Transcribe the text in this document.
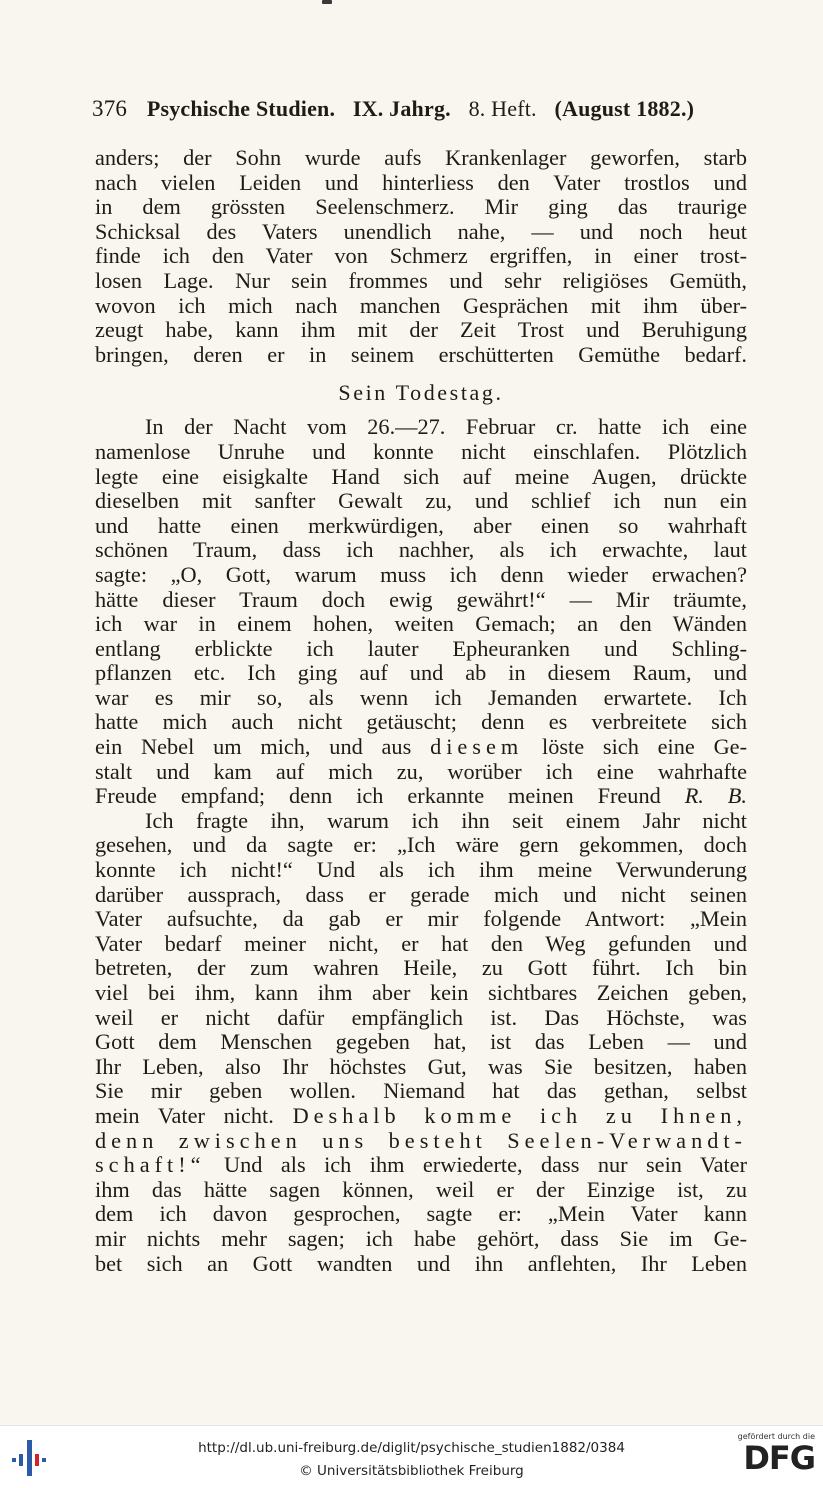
376 Psychische Studien. IX. Jahrg. 8. Heft. (August 1882.)
anders; der Sohn wurde aufs Krankenlager geworfen, starb
nach vielen Leiden und hinterliess den Vater trostlos und
in dem grössten Seelenschmerz. Mir ging das traurige
Schicksal des Vaters unendlich nahe, — und noch heut
finde ich den Vater von Schmerz ergriffen, in einer trost-
losen Lage. Nur sein frommes und sehr religiöses Gemüth,
wovon ich mich nach manchen Gesprächen mit ihm über-
zeugt habe, kann ihm mit der Zeit Trost und Beruhigung
bringen, deren er in seinem erschütterten Gemüthe bedarf.
Sein Todestag.
In der Nacht vom 26.—27. Februar cr. hatte ich eine
namenlose Unruhe und konnte nicht einschlafen. Plötzlich
legte eine eisigkalte Hand sich auf meine Augen, drückte
dieselben mit sanfter Gewalt zu, und schlief ich nun ein
und hatte einen merkwürdigen, aber einen so wahrhaft
schönen Traum, dass ich nachher, als ich erwachte, laut
sagte: „O, Gott, warum muss ich denn wieder erwachen?
hätte dieser Traum doch ewig gewährt!“ — Mir träumte,
ich war in einem hohen, weiten Gemach; an den Wänden
entlang erblickte ich lauter Epheuranken und Schling-
pflanzen etc. Ich ging auf und ab in diesem Raum, und
war es mir so, als wenn ich Jemanden erwartete. Ich
hatte mich auch nicht getäuscht; denn es verbreitete sich
ein Nebel um mich, und aus diesem löste sich eine Ge-
stalt und kam auf mich zu, worüber ich eine wahrhafte
Freude empfand; denn ich erkannte meinen Freund R. B.
Ich fragte ihn, warum ich ihn seit einem Jahr nicht
gesehen, und da sagte er: „Ich wäre gern gekommen, doch
konnte ich nicht!“ Und als ich ihm meine Verwunderung
darüber aussprach, dass er gerade mich und nicht seinen
Vater aufsuchte, da gab er mir folgende Antwort: „Mein
Vater bedarf meiner nicht, er hat den Weg gefunden und
betreten, der zum wahren Heile, zu Gott führt. Ich bin
viel bei ihm, kann ihm aber kein sichtbares Zeichen geben,
weil er nicht dafür empfänglich ist. Das Höchste, was
Gott dem Menschen gegeben hat, ist das Leben — und
Ihr Leben, also Ihr höchstes Gut, was Sie besitzen, haben
Sie mir geben wollen. Niemand hat das gethan, selbst
mein Vater nicht. Deshalb komme ich zu Ihnen,
denn zwischen uns besteht Seelen-Verwandt-
schaft!“ Und als ich ihm erwiederte, dass nur sein Vater
ihm das hätte sagen können, weil er der Einzige ist, zu
dem ich davon gesprochen, sagte er: „Mein Vater kann
mir nichts mehr sagen; ich habe gehört, dass Sie im Ge-
bet sich an Gott wandten und ihn anflehten, Ihr Leben
http://dl.ub.uni-freiburg.de/diglit/psychische_studien1882/0384
© Universitätsbibliothek Freiburg
gefördert durch die
DFG
